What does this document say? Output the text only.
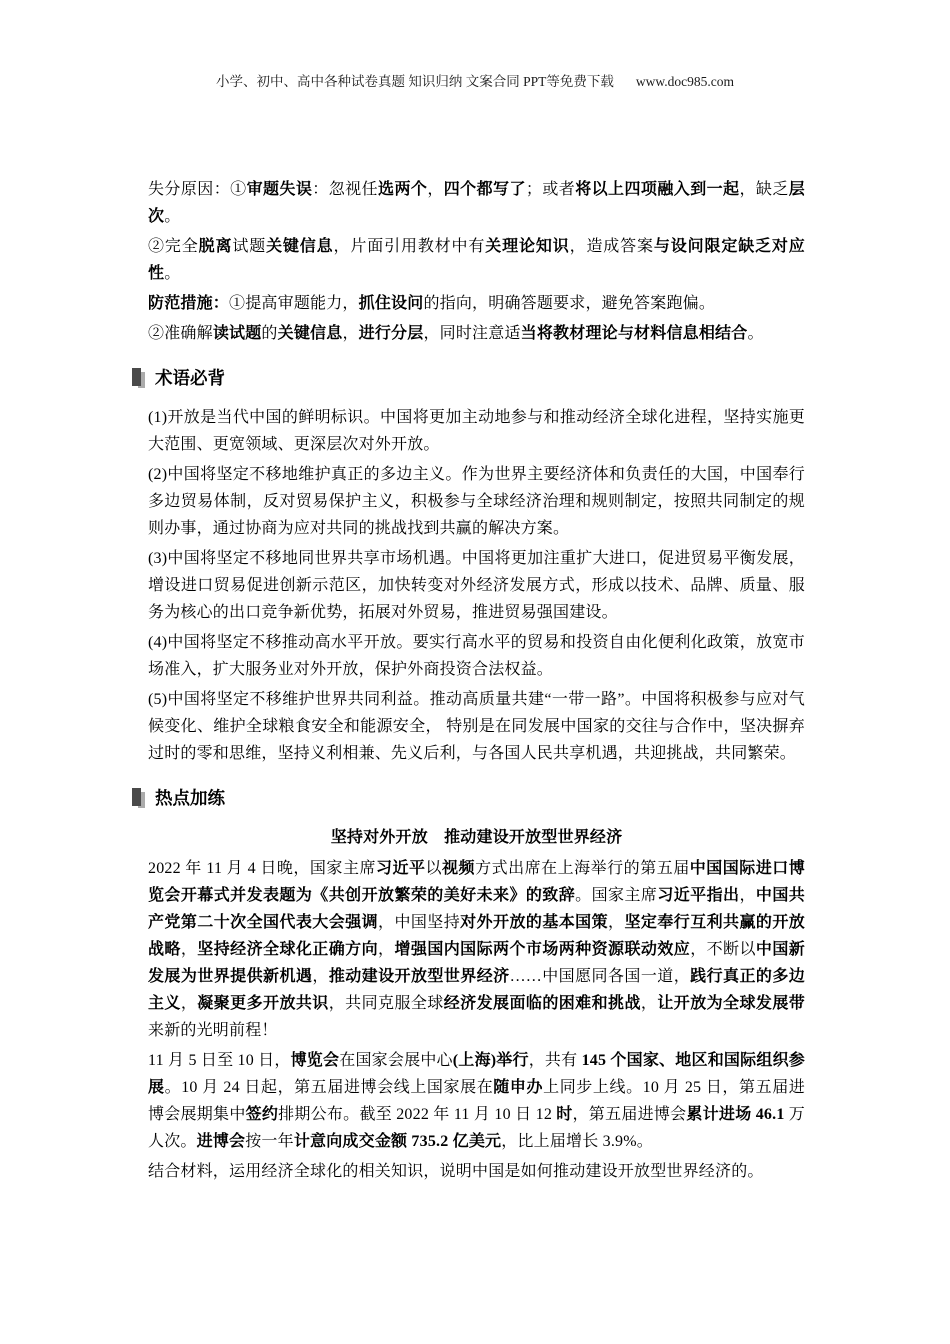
小学、初中、高中各种试卷真题 知识归纳 文案合同 PPT等免费下载 www.doc985.com

失分原因：①审题失误：忽视任选两个，四个都写了；或者将以上四项融入到一起，缺乏层次。

②完全脱离试题关键信息，片面引用教材中有关理论知识，造成答案与设问限定缺乏对应性。

防范措施：①提高审题能力，抓住设问的指向，明确答题要求，避免答案跑偏。

②准确解读试题的关键信息，进行分层，同时注意适当将教材理论与材料信息相结合。

术语必背

(1)开放是当代中国的鲜明标识。中国将更加主动地参与和推动经济全球化进程，坚持实施更大范围、更宽领域、更深层次对外开放。

(2)中国将坚定不移地维护真正的多边主义。作为世界主要经济体和负责任的大国，中国奉行多边贸易体制，反对贸易保护主义，积极参与全球经济治理和规则制定，按照共同制定的规则办事，通过协商为应对共同的挑战找到共赢的解决方案。

(3)中国将坚定不移地同世界共享市场机遇。中国将更加注重扩大进口，促进贸易平衡发展，增设进口贸易促进创新示范区，加快转变对外经济发展方式，形成以技术、品牌、质量、服务为核心的出口竞争新优势，拓展对外贸易，推进贸易强国建设。

(4)中国将坚定不移推动高水平开放。要实行高水平的贸易和投资自由化便利化政策，放宽市场准入，扩大服务业对外开放，保护外商投资合法权益。

(5)中国将坚定不移维护世界共同利益。推动高质量共建“一带一路”。中国将积极参与应对气候变化、维护全球粮食安全和能源安全， 特别是在同发展中国家的交往与合作中，坚决摒弃过时的零和思维，坚持义利相兼、先义后利，与各国人民共享机遇，共迎挑战，共同繁荣。

热点加练

坚持对外开放　推动建设开放型世界经济

2022 年 11 月 4 日晚，国家主席习近平以视频方式出席在上海举行的第五届中国国际进口博览会开幕式并发表题为《共创开放繁荣的美好未来》的致辞。国家主席习近平指出，中国共产党第二十次全国代表大会强调，中国坚持对外开放的基本国策，坚定奉行互利共赢的开放战略，坚持经济全球化正确方向，增强国内国际两个市场两种资源联动效应，不断以中国新发展为世界提供新机遇，推动建设开放型世界经济……中国愿同各国一道，践行真正的多边主义，凝聚更多开放共识，共同克服全球经济发展面临的困难和挑战，让开放为全球发展带来新的光明前程！

11 月 5 日至 10 日，博览会在国家会展中心(上海)举行，共有 145 个国家、地区和国际组织参展。10 月 24 日起，第五届进博会线上国家展在随申办上同步上线。10 月 25 日，第五届进博会展期集中签约排期公布。截至 2022 年 11 月 10 日 12 时，第五届进博会累计进场 46.1 万人次。进博会按一年计意向成交金额 735.2 亿美元，比上届增长 3.9%。

结合材料，运用经济全球化的相关知识，说明中国是如何推动建设开放型世界经济的。
